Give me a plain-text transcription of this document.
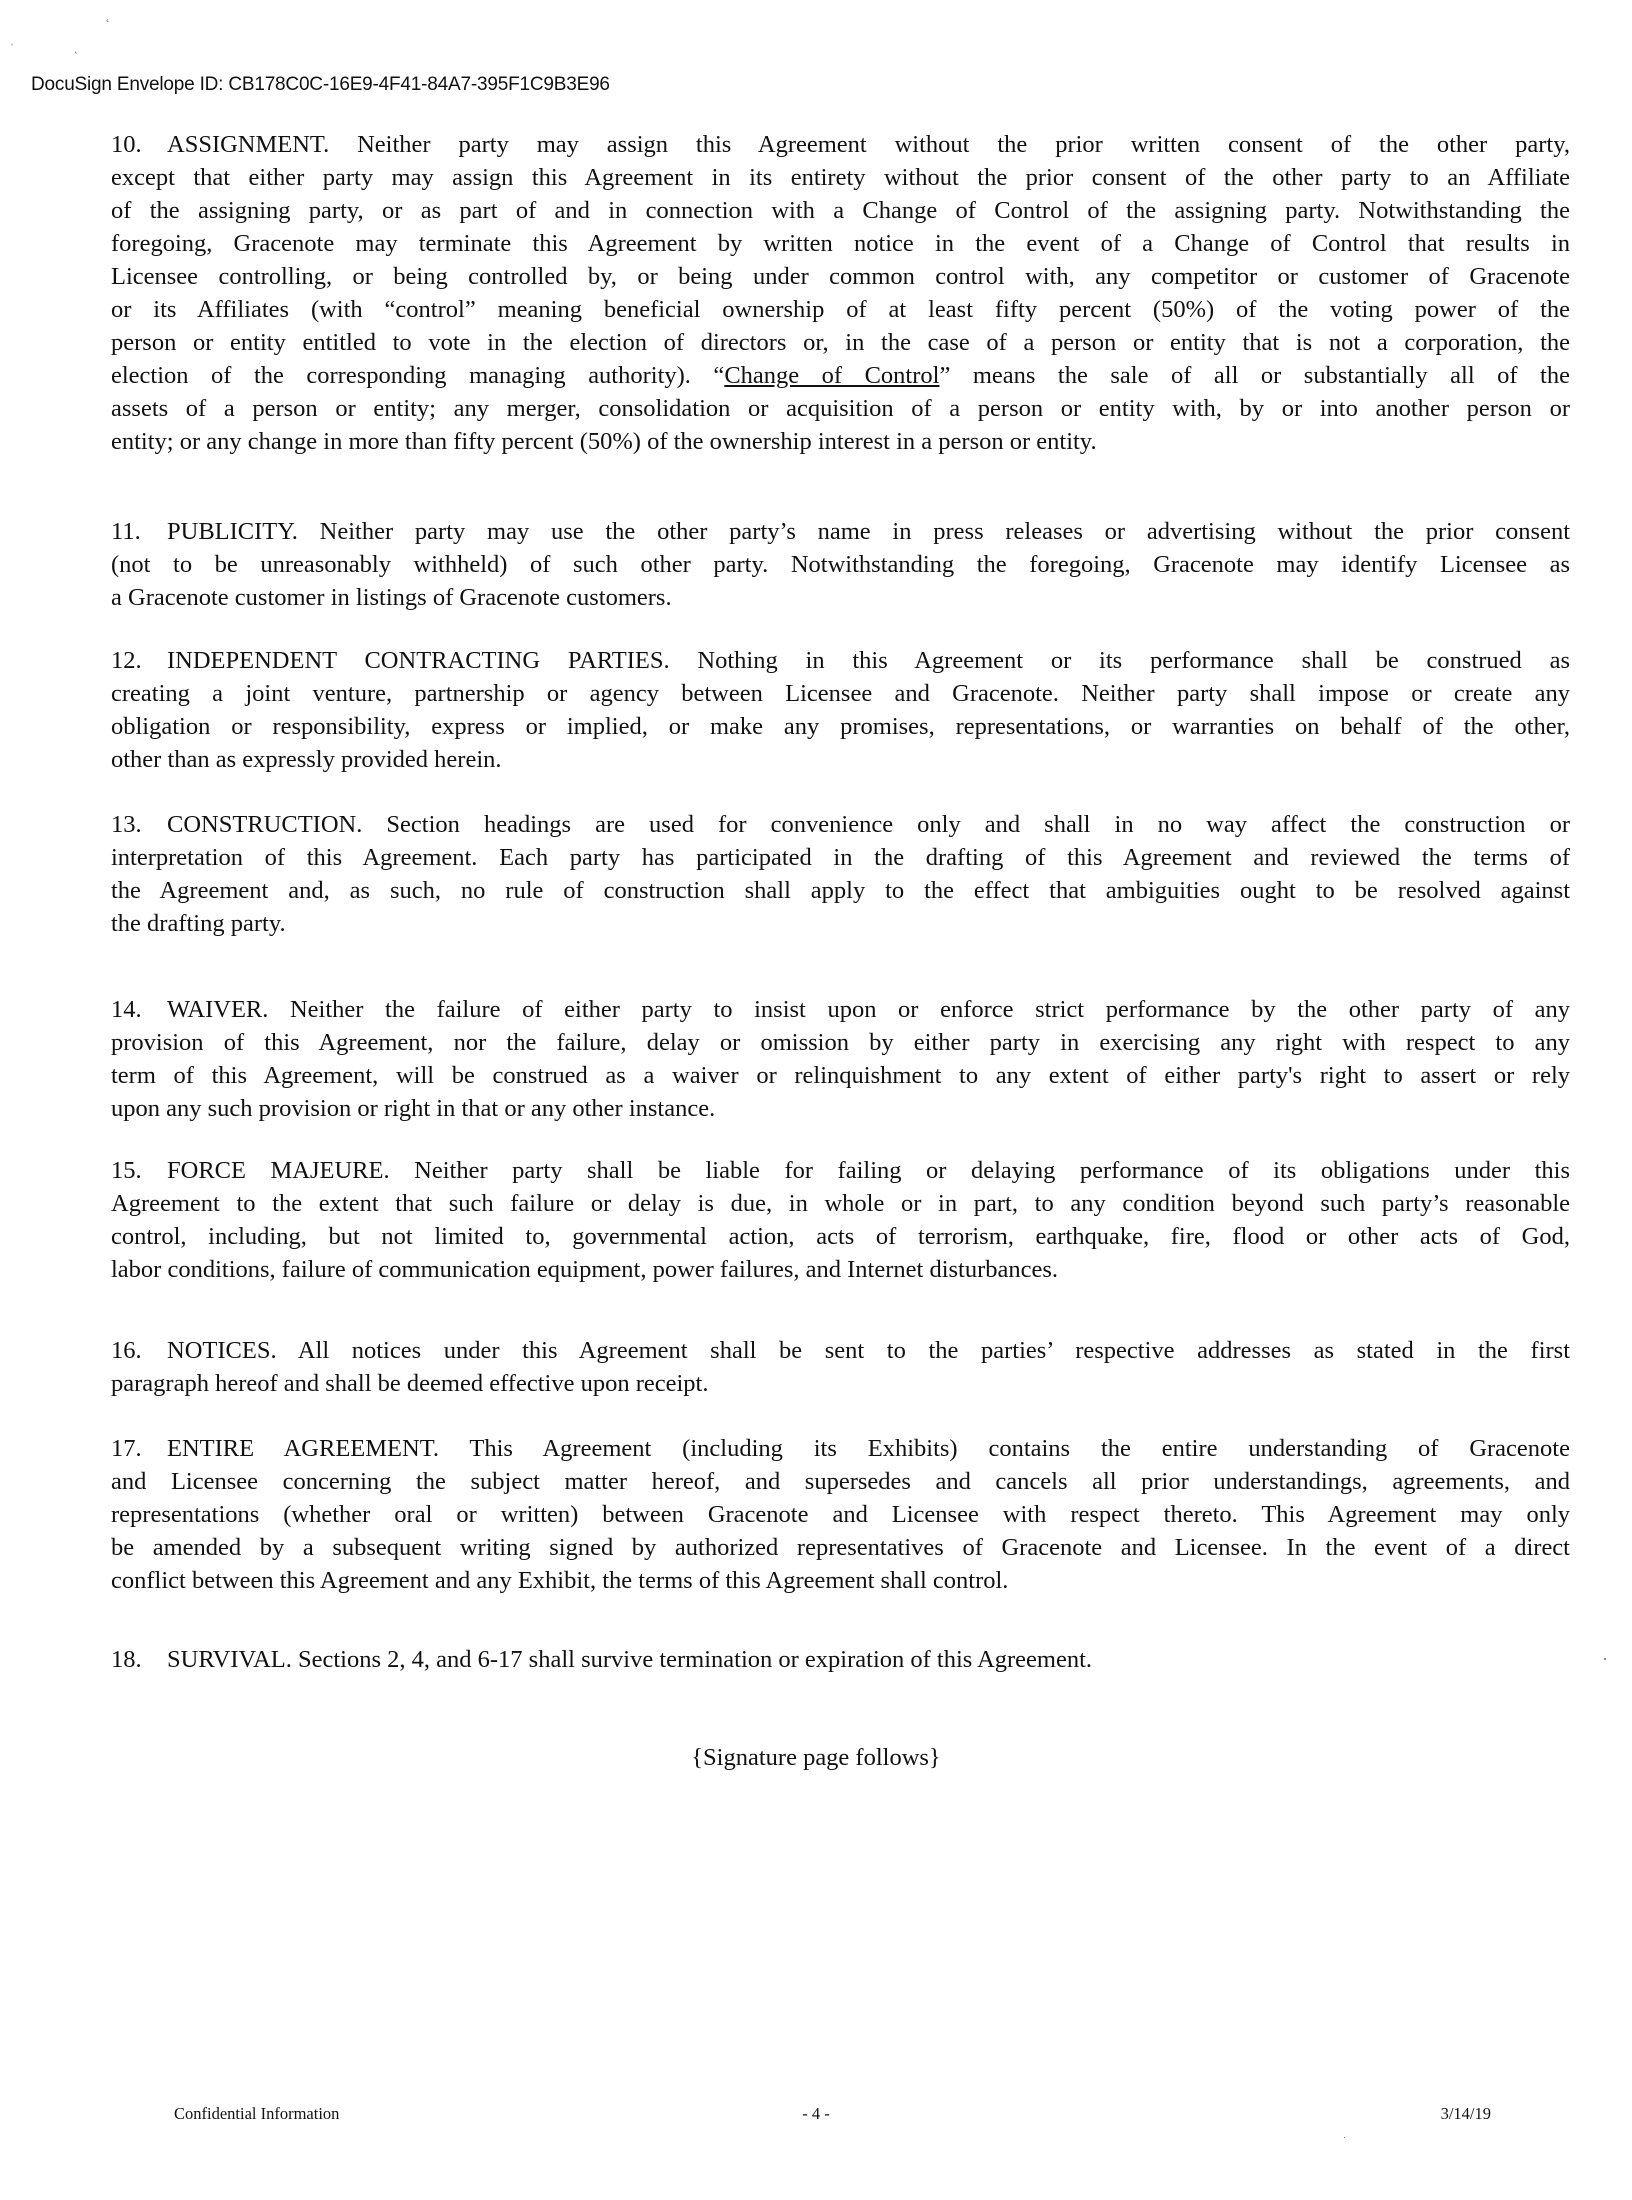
˛
ˌ
ˎ
DocuSign Envelope ID: CB178C0C-16E9-4F41-84A7-395F1C9B3E96
10. ASSIGNMENT. Neither party may assign this Agreement without the prior written consent of the other party,
except that either party may assign this Agreement in its entirety without the prior consent of the other party to an Affiliate
of the assigning party, or as part of and in connection with a Change of Control of the assigning party. Notwithstanding the
foregoing, Gracenote may terminate this Agreement by written notice in the event of a Change of Control that results in
Licensee controlling, or being controlled by, or being under common control with, any competitor or customer of Gracenote
or its Affiliates (with “control” meaning beneficial ownership of at least fifty percent (50%) of the voting power of the
person or entity entitled to vote in the election of directors or, in the case of a person or entity that is not a corporation, the
election of the corresponding managing authority). “Change of Control” means the sale of all or substantially all of the
assets of a person or entity; any merger, consolidation or acquisition of a person or entity with, by or into another person or
entity; or any change in more than fifty percent (50%) of the ownership interest in a person or entity.
11. PUBLICITY. Neither party may use the other party’s name in press releases or advertising without the prior consent
(not to be unreasonably withheld) of such other party. Notwithstanding the foregoing, Gracenote may identify Licensee as
a Gracenote customer in listings of Gracenote customers.
12. INDEPENDENT CONTRACTING PARTIES. Nothing in this Agreement or its performance shall be construed as
creating a joint venture, partnership or agency between Licensee and Gracenote. Neither party shall impose or create any
obligation or responsibility, express or implied, or make any promises, representations, or warranties on behalf of the other,
other than as expressly provided herein.
13. CONSTRUCTION. Section headings are used for convenience only and shall in no way affect the construction or
interpretation of this Agreement. Each party has participated in the drafting of this Agreement and reviewed the terms of
the Agreement and, as such, no rule of construction shall apply to the effect that ambiguities ought to be resolved against
the drafting party.
14. WAIVER. Neither the failure of either party to insist upon or enforce strict performance by the other party of any
provision of this Agreement, nor the failure, delay or omission by either party in exercising any right with respect to any
term of this Agreement, will be construed as a waiver or relinquishment to any extent of either party's right to assert or rely
upon any such provision or right in that or any other instance.
15. FORCE MAJEURE. Neither party shall be liable for failing or delaying performance of its obligations under this
Agreement to the extent that such failure or delay is due, in whole or in part, to any condition beyond such party’s reasonable
control, including, but not limited to, governmental action, acts of terrorism, earthquake, fire, flood or other acts of God,
labor conditions, failure of communication equipment, power failures, and Internet disturbances.
16. NOTICES. All notices under this Agreement shall be sent to the parties’ respective addresses as stated in the first
paragraph hereof and shall be deemed effective upon receipt.
17. ENTIRE AGREEMENT. This Agreement (including its Exhibits) contains the entire understanding of Gracenote
and Licensee concerning the subject matter hereof, and supersedes and cancels all prior understandings, agreements, and
representations (whether oral or written) between Gracenote and Licensee with respect thereto. This Agreement may only
be amended by a subsequent writing signed by authorized representatives of Gracenote and Licensee. In the event of a direct
conflict between this Agreement and any Exhibit, the terms of this Agreement shall control.
18. SURVIVAL. Sections 2, 4, and 6-17 shall survive termination or expiration of this Agreement.
{Signature page follows}
Confidential Information	- 4 -	3/14/19
